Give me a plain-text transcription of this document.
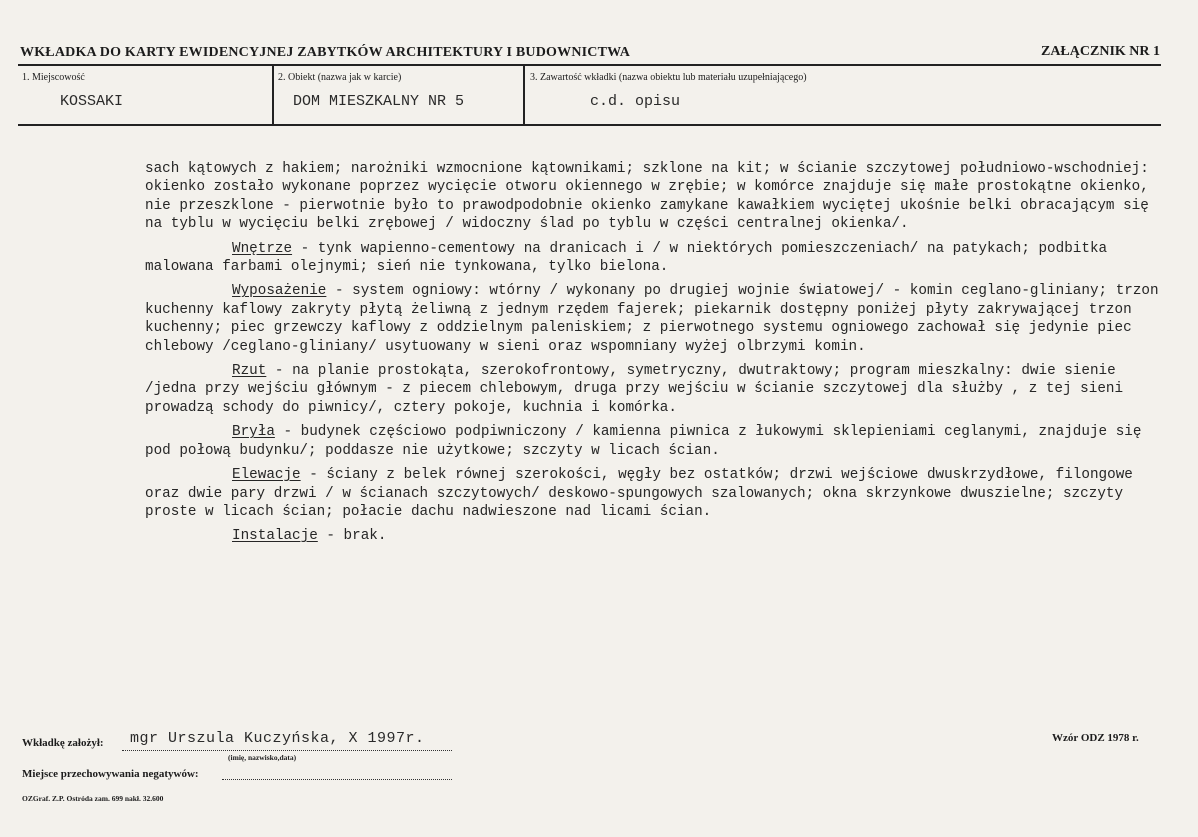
WKŁADKA DO KARTY EWIDENCYJNEJ ZABYTKÓW ARCHITEKTURY I BUDOWNICTWA	ZAŁĄCZNIK NR 1
1. Miejscowość
KOSSAKI
2. Obiekt (nazwa jak w karcie)
DOM MIESZKALNY NR 5
3. Zawartość wkładki (nazwa obiektu lub materiału uzupełniającego)
c.d. opisu

sach kątowych z hakiem; narożniki wzmocnione kątownikami; szklone na kit; w ścianie szczytowej południowo-wschodniej: okienko zostało wykonane poprzez wycięcie otworu okiennego w zrębie; w komórce znajduje się małe prostokątne okienko, nie przeszklone - pierwotnie było to prawodpodobnie okienko zamykane kawałkiem wyciętej ukośnie belki obracającym się na tyblu w wycięciu belki zrębowej / widoczny ślad po tyblu w części centralnej okienka/.

Wnętrze - tynk wapienno-cementowy na dranicach i / w niektórych pomieszczeniach/ na patykach; podbitka malowana farbami olejnymi; sień nie tynkowana, tylko bielona.

Wyposażenie - system ogniowy: wtórny / wykonany po drugiej wojnie światowej/ - komin ceglano-gliniany; trzon kuchenny kaflowy zakryty płytą żeliwną z jednym rzędem fajerek; piekarnik dostępny poniżej płyty zakrywającej trzon kuchenny; piec grzewczy kaflowy z oddzielnym paleniskiem; z pierwotnego systemu ogniowego zachował się jedynie piec chlebowy /ceglano-gliniany/ usytuowany w sieni oraz wspomniany wyżej olbrzymi komin.

Rzut - na planie prostokąta, szerokofrontowy, symetryczny, dwutraktowy; program mieszkalny: dwie sienie /jedna przy wejściu głównym - z piecem chlebowym, druga przy wejściu w ścianie szczytowej dla służby , z tej sieni prowadzą schody do piwnicy/, cztery pokoje, kuchnia i komórka.

Bryła - budynek częściowo podpiwniczony / kamienna piwnica z łukowymi sklepieniami ceglanymi, znajduje się pod połową budynku/; poddasze nie użytkowe; szczyty w licach ścian.

Elewacje - ściany z belek równej szerokości, węgły bez ostatków; drzwi wejściowe dwuskrzydłowe, filongowe oraz dwie pary drzwi / w ścianach szczytowych/ deskowo-spungowych szalowanych; okna skrzynkowe dwuszielne; szczyty proste w licach ścian; połacie dachu nadwieszone nad licami ścian.

Instalacje - brak.

Wkładkę założył: mgr Urszula Kuczyńska, X 1997r.
(imię, nazwisko,data)
Wzór ODZ 1978 r.
Miejsce przechowywania negatywów:
OZGraf. Z.P. Ostróda zam. 699 nakł. 32.600
